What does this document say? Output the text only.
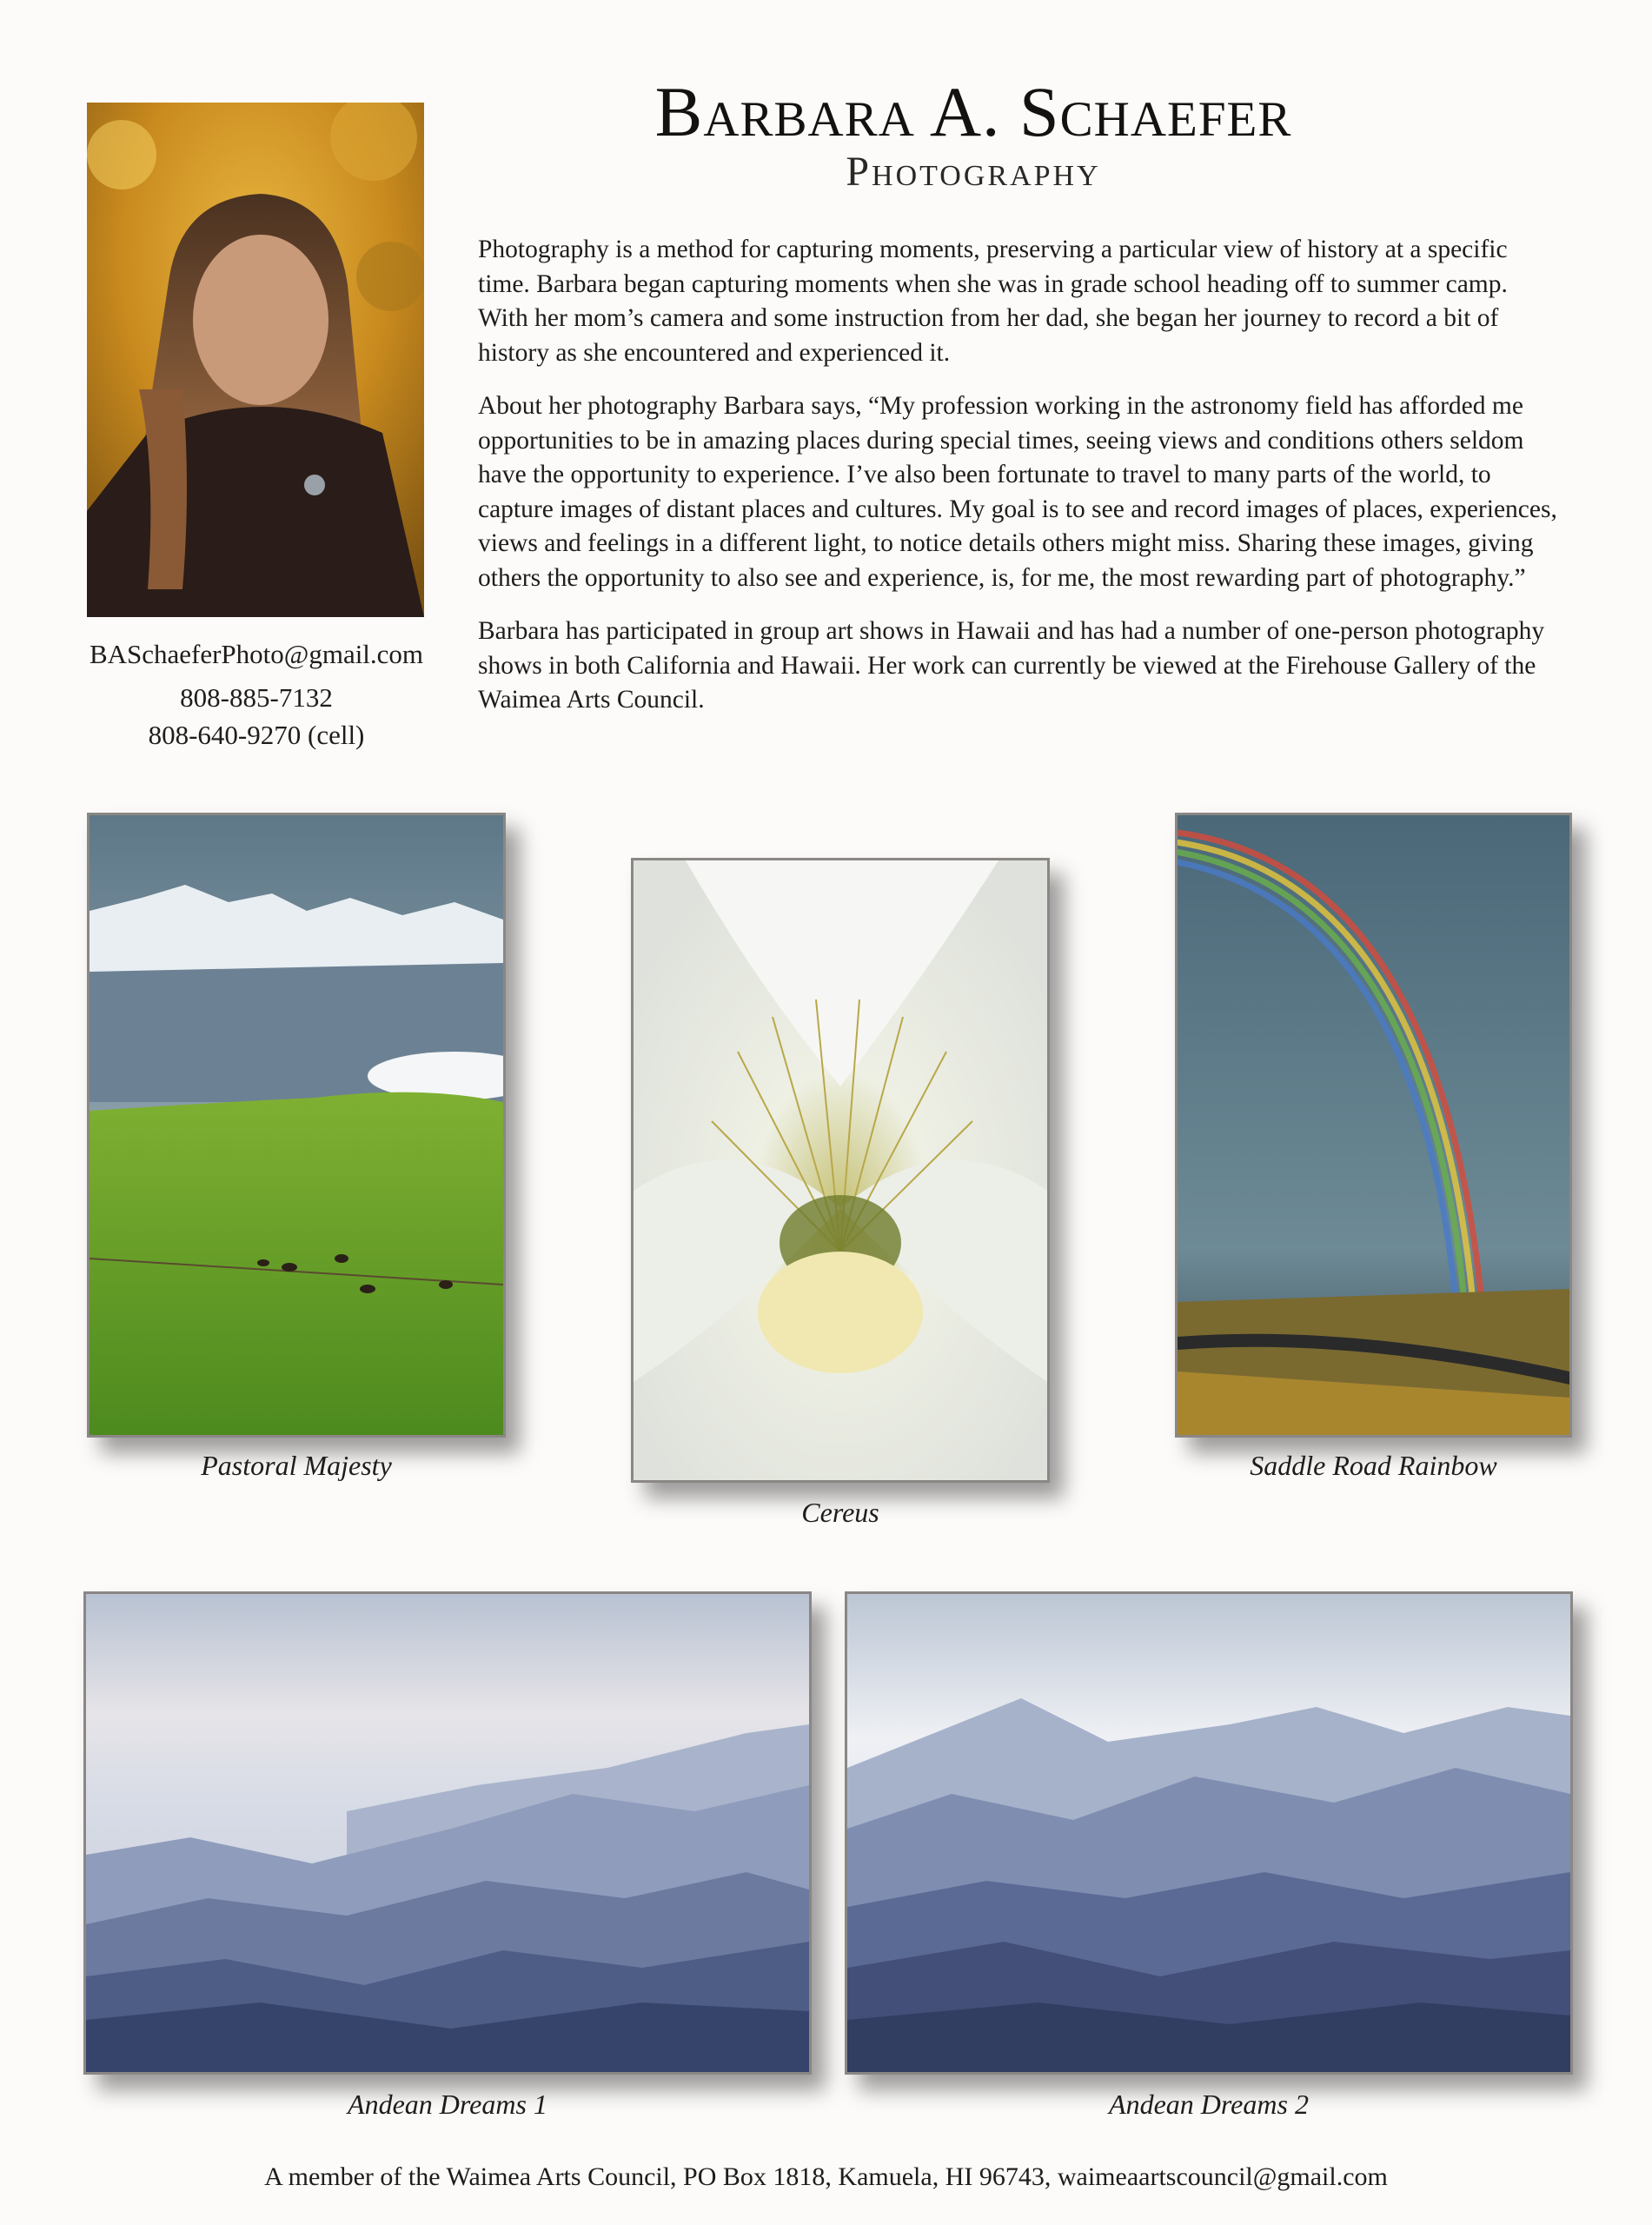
BASchaeferPhoto@gmail.com
808-885-7132
808-640-9270 (cell)
Barbara A. Schaefer
Photography

Photography is a method for capturing moments, preserving a particular view of history at a specific time. Barbara began capturing moments when she was in grade school heading off to summer camp. With her mom’s camera and some instruction from her dad, she began her journey to record a bit of history as she encountered and experienced it.

About her photography Barbara says, “My profession working in the astronomy field has afforded me opportunities to be in amazing places during special times, seeing views and conditions others seldom have the opportunity to experience. I’ve also been fortunate to travel to many parts of the world, to capture images of distant places and cultures. My goal is to see and record images of places, experiences, views and feelings in a different light, to notice details others might miss. Sharing these images, giving others the opportunity to also see and experience, is, for me, the most rewarding part of photography.”

Barbara has participated in group art shows in Hawaii and has had a number of one-person photography shows in both California and Hawaii. Her work can currently be viewed at the Firehouse Gallery of the Waimea Arts Council.

Pastoral Majesty
Cereus
Saddle Road Rainbow
Andean Dreams 1	Andean Dreams 2
A member of the Waimea Arts Council, PO Box 1818, Kamuela, HI 96743, waimeaartscouncil@gmail.com
